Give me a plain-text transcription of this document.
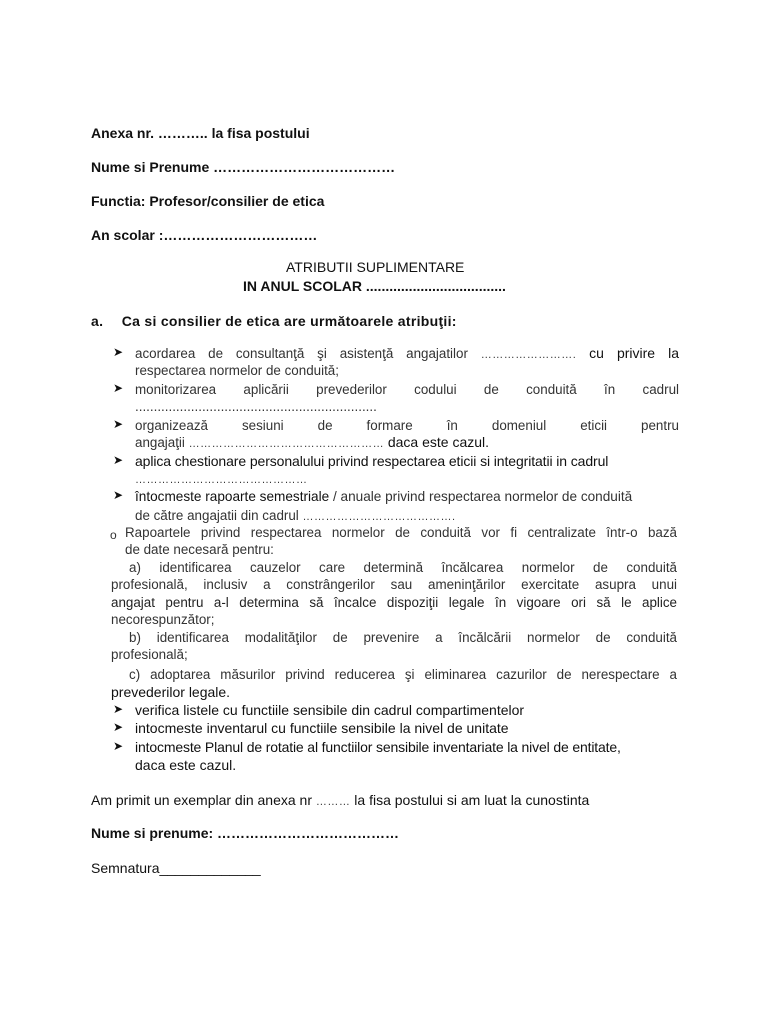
Anexa nr. ……….. la fisa postului
Nume si Prenume …………………………………
Functia: Profesor/consilier de etica
An scolar :……………………………
ATRIBUTII SUPLIMENTARE
IN ANUL SCOLAR ....................................
a. Ca si consilier de etica are următoarele atribuţii:
➤ acordarea de consultanţă şi asistenţă angajatilor ……………………. cu privire la
respectarea normelor de conduită;
➤ monitorizarea aplicării prevederilor codului de conduită în cadrul
.................................................................
➤ organizează sesiuni de formare în domeniul eticii pentru
angajaţii …………………………………………… daca este cazul.
➤ aplica chestionare personalului privind respectarea eticii si integritatii in cadrul
………………………………………
➤ întocmeste rapoarte semestriale / anuale privind respectarea normelor de conduită
de către angajatii din cadrul ………………………………….
o Rapoartele privind respectarea normelor de conduită vor fi centralizate într-o bază
de date necesară pentru:
a) identificarea cauzelor care determină încălcarea normelor de conduită
profesională, inclusiv a constrângerilor sau ameninţărilor exercitate asupra unui
angajat pentru a-l determina să încalce dispoziţii legale în vigoare ori să le aplice
necorespunzător;
b) identificarea modalităţilor de prevenire a încălcării normelor de conduită
profesională;
c) adoptarea măsurilor privind reducerea şi eliminarea cazurilor de nerespectare a
prevederilor legale.
➤ verifica listele cu functiile sensibile din cadrul compartimentelor
➤ intocmeste inventarul cu functiile sensibile la nivel de unitate
➤ intocmeste Planul de rotatie al functiilor sensibile inventariate la nivel de entitate,
daca este cazul.
Am primit un exemplar din anexa nr ……… la fisa postului si am luat la cunostinta
Nume si prenume: …………………………………
Semnatura_____________
